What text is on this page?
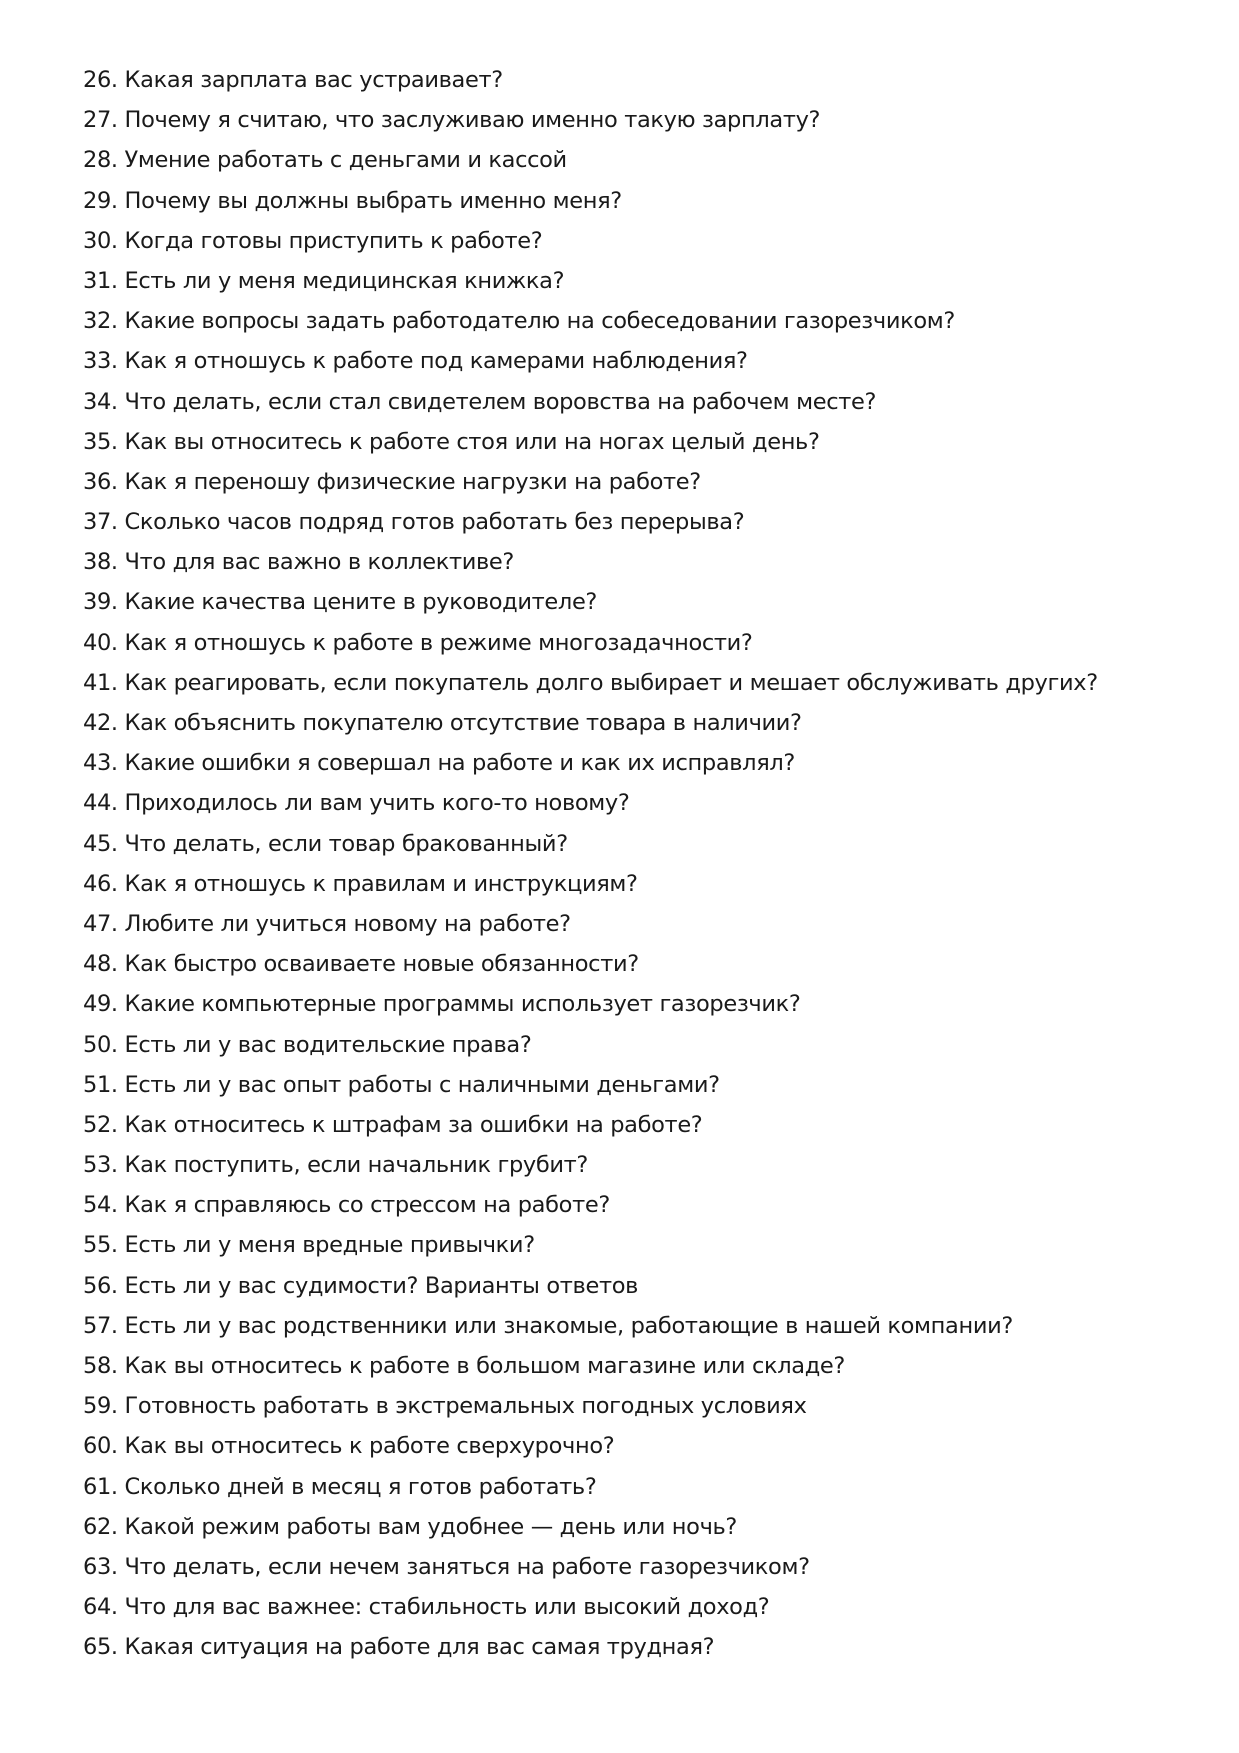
26. Какая зарплата вас устраивает?
27. Почему я считаю, что заслуживаю именно такую зарплату?
28. Умение работать с деньгами и кассой
29. Почему вы должны выбрать именно меня?
30. Когда готовы приступить к работе?
31. Есть ли у меня медицинская книжка?
32. Какие вопросы задать работодателю на собеседовании газорезчиком?
33. Как я отношусь к работе под камерами наблюдения?
34. Что делать, если стал свидетелем воровства на рабочем месте?
35. Как вы относитесь к работе стоя или на ногах целый день?
36. Как я переношу физические нагрузки на работе?
37. Сколько часов подряд готов работать без перерыва?
38. Что для вас важно в коллективе?
39. Какие качества цените в руководителе?
40. Как я отношусь к работе в режиме многозадачности?
41. Как реагировать, если покупатель долго выбирает и мешает обслуживать других?
42. Как объяснить покупателю отсутствие товара в наличии?
43. Какие ошибки я совершал на работе и как их исправлял?
44. Приходилось ли вам учить кого-то новому?
45. Что делать, если товар бракованный?
46. Как я отношусь к правилам и инструкциям?
47. Любите ли учиться новому на работе?
48. Как быстро осваиваете новые обязанности?
49. Какие компьютерные программы использует газорезчик?
50. Есть ли у вас водительские права?
51. Есть ли у вас опыт работы с наличными деньгами?
52. Как относитесь к штрафам за ошибки на работе?
53. Как поступить, если начальник грубит?
54. Как я справляюсь со стрессом на работе?
55. Есть ли у меня вредные привычки?
56. Есть ли у вас судимости? Варианты ответов
57. Есть ли у вас родственники или знакомые, работающие в нашей компании?
58. Как вы относитесь к работе в большом магазине или складе?
59. Готовность работать в экстремальных погодных условиях
60. Как вы относитесь к работе сверхурочно?
61. Сколько дней в месяц я готов работать?
62. Какой режим работы вам удобнее — день или ночь?
63. Что делать, если нечем заняться на работе газорезчиком?
64. Что для вас важнее: стабильность или высокий доход?
65. Какая ситуация на работе для вас самая трудная?
